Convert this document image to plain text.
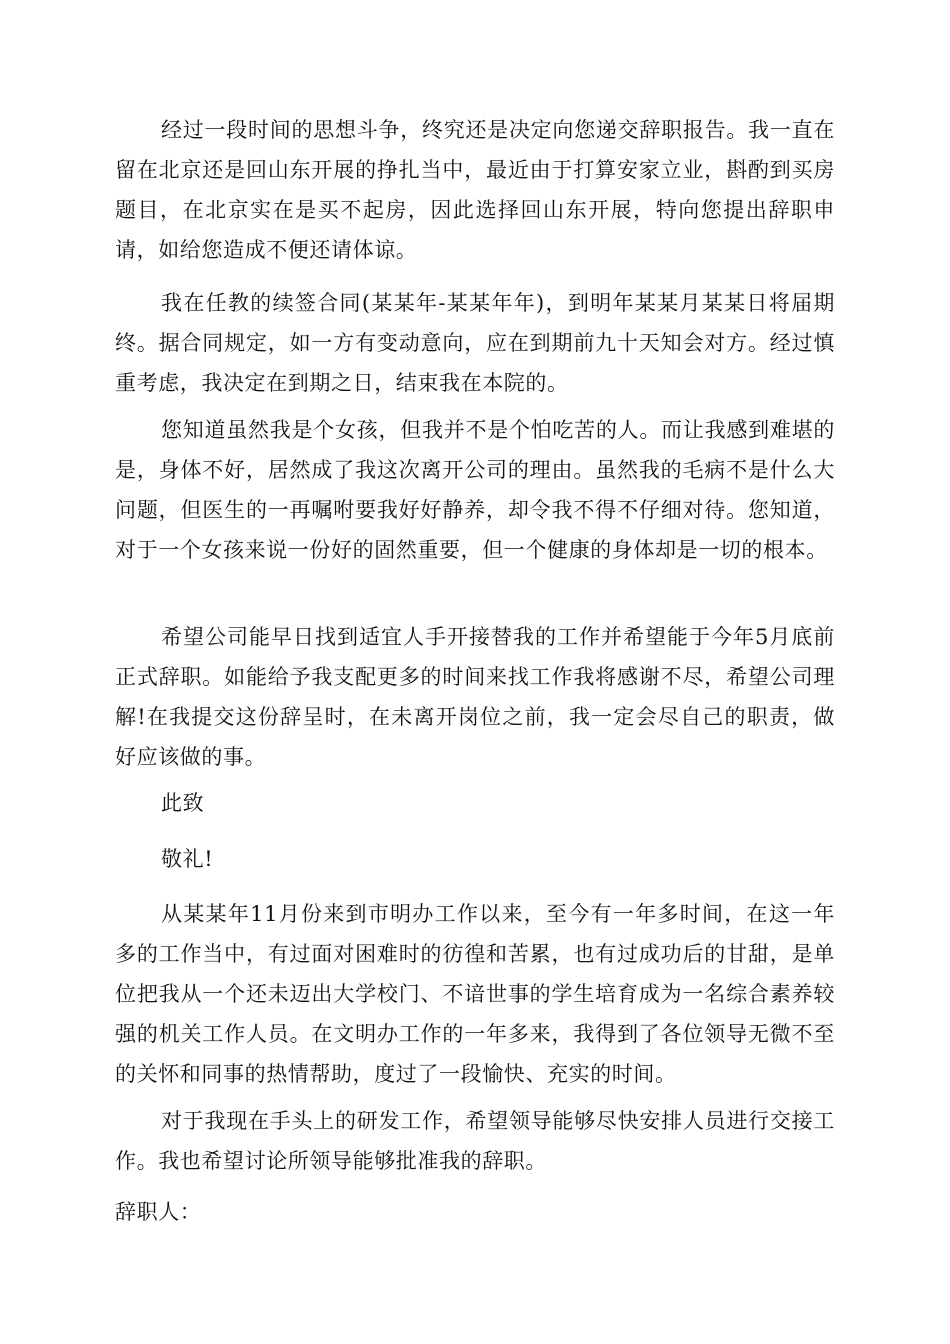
经过一段时间的思想斗争，终究还是决定向您递交辞职报告。我一直在留在北京还是回山东开展的挣扎当中，最近由于打算安家立业，斟酌到买房题目，在北京实在是买不起房，因此选择回山东开展，特向您提出辞职申请，如给您造成不便还请体谅。

我在任教的续签合同(某某年-某某年年)，到明年某某月某某日将届期终。据合同规定，如一方有变动意向，应在到期前九十天知会对方。经过慎重考虑，我决定在到期之日，结束我在本院的。

您知道虽然我是个女孩，但我并不是个怕吃苦的人。而让我感到难堪的是，身体不好，居然成了我这次离开公司的理由。虽然我的毛病不是什么大问题，但医生的一再嘱咐要我好好静养，却令我不得不仔细对待。您知道，对于一个女孩来说一份好的固然重要，但一个健康的身体却是一切的根本。

希望公司能早日找到适宜人手开接替我的工作并希望能于今年5月底前正式辞职。如能给予我支配更多的时间来找工作我将感谢不尽，希望公司理解!在我提交这份辞呈时，在未离开岗位之前，我一定会尽自己的职责，做好应该做的事。

此致

敬礼!

从某某年11月份来到市明办工作以来，至今有一年多时间，在这一年多的工作当中，有过面对困难时的彷徨和苦累，也有过成功后的甘甜，是单位把我从一个还未迈出大学校门、不谙世事的学生培育成为一名综合素养较强的机关工作人员。在文明办工作的一年多来，我得到了各位领导无微不至的关怀和同事的热情帮助，度过了一段愉快、充实的时间。

对于我现在手头上的研发工作，希望领导能够尽快安排人员进行交接工作。我也希望讨论所领导能够批准我的辞职。

辞职人：
